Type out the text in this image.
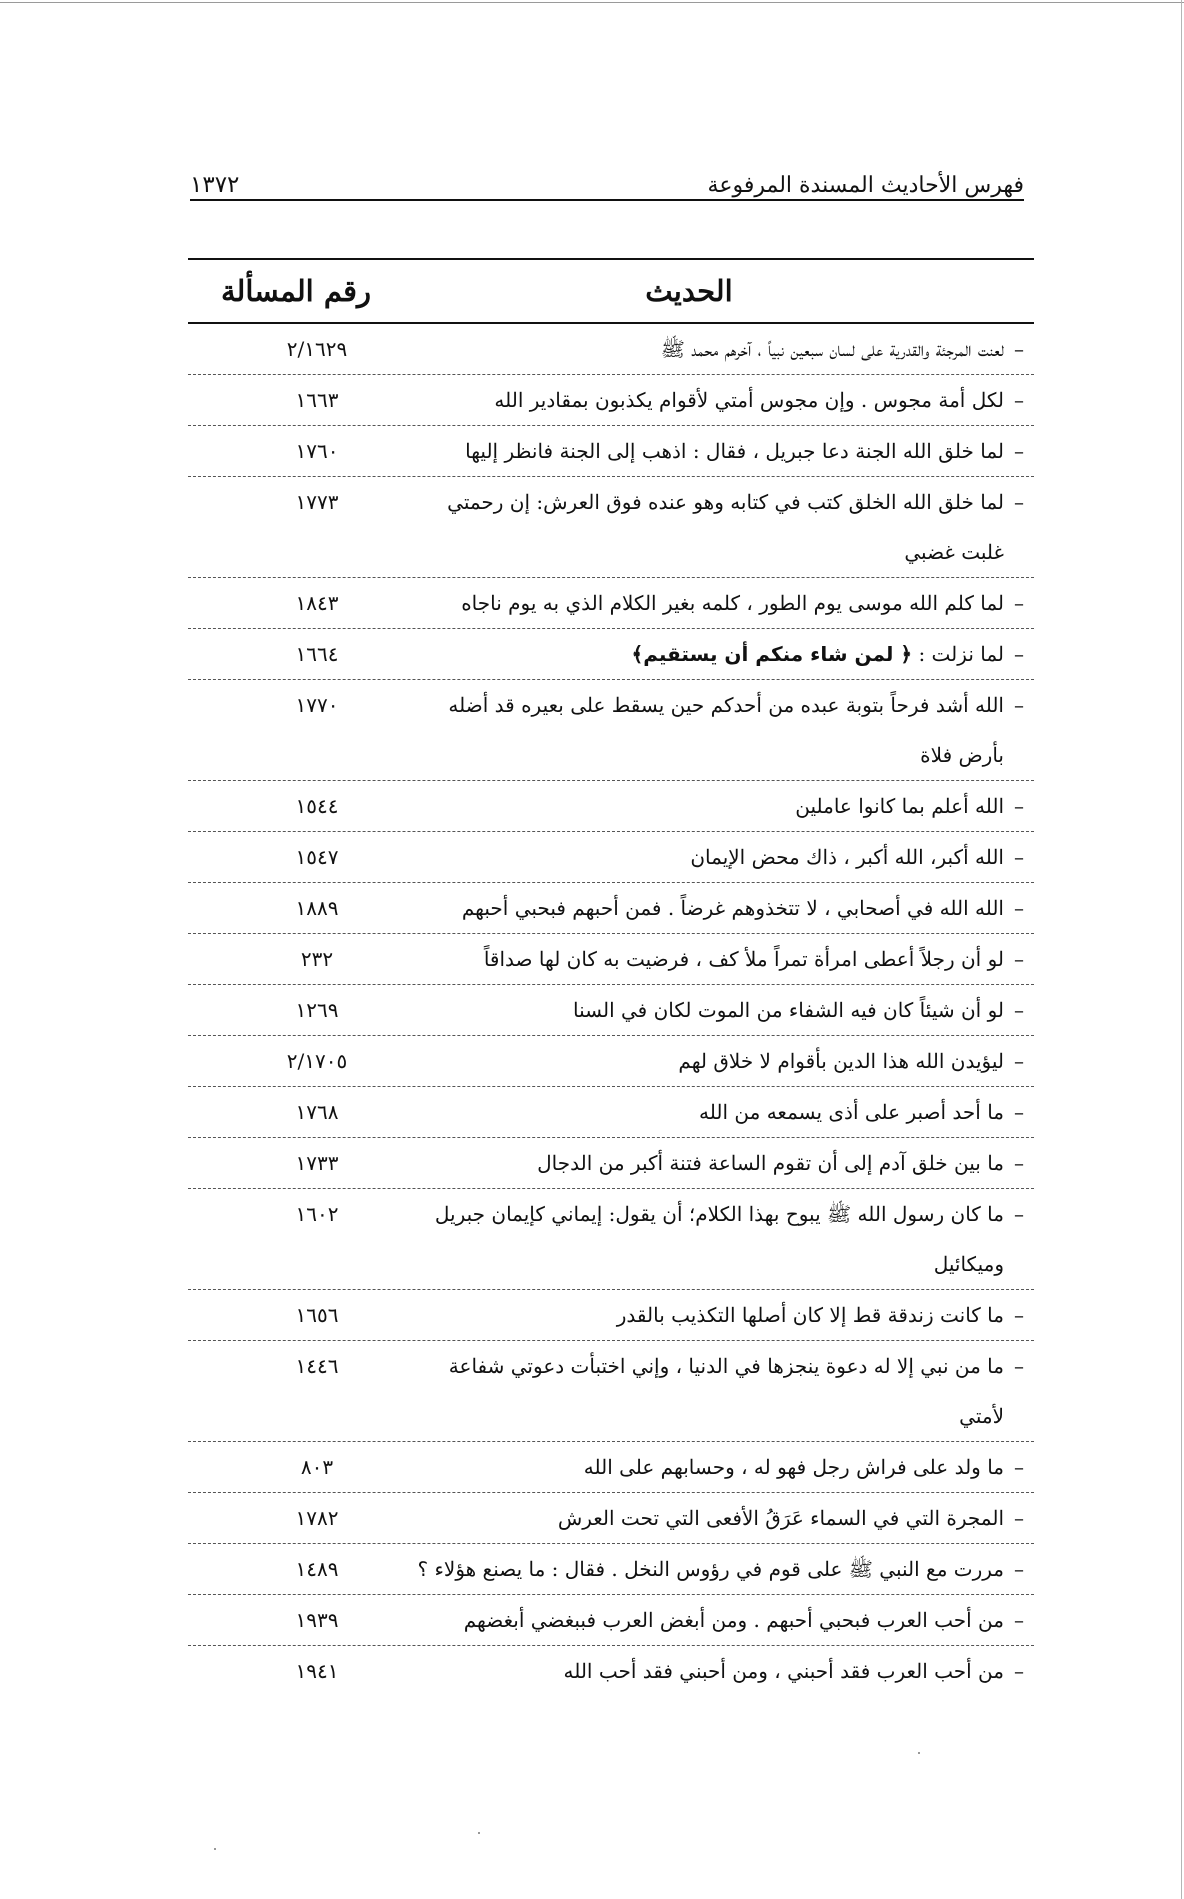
فهرس الأحاديث المسندة المرفوعة
١٣٧٢
الحديث
رقم المسألة
–
لعنت المرجئة والقدرية على لسان سبعين نبياً ، آخرهم محمد ﷺ
٢/١٦٢٩
–
لكل أمة مجوس . وإن مجوس أمتي لأقوام يكذبون بمقادير الله
١٦٦٣
–
لما خلق الله الجنة دعا جبريل ، فقال : اذهب إلى الجنة فانظر إليها
١٧٦٠
–
لما خلق الله الخلق كتب في كتابه وهو عنده فوق العرش: إن رحمتي غلبت غضبي
١٧٧٣
–
لما كلم الله موسى يوم الطور ، كلمه بغير الكلام الذي به يوم ناجاه
١٨٤٣
–
لما نزلت : ﴿ لمن شاء منكم أن يستقيم﴾
١٦٦٤
–
الله أشد فرحاً بتوبة عبده من أحدكم حين يسقط على بعيره قد أضله بأرض فلاة
١٧٧٠
–
الله أعلم بما كانوا عاملين
١٥٤٤
–
الله أكبر، الله أكبر ، ذاك محض الإيمان
١٥٤٧
–
الله الله في أصحابي ، لا تتخذوهم غرضاً . فمن أحبهم فبحبي أحبهم
١٨٨٩
–
لو أن رجلاً أعطى امرأة تمراً ملأ كف ، فرضيت به كان لها صداقاً
٢٣٢
–
لو أن شيئاً كان فيه الشفاء من الموت لكان في السنا
١٢٦٩
–
ليؤيدن الله هذا الدين بأقوام لا خلاق لهم
٢/١٧٠٥
–
ما أحد أصبر على أذى يسمعه من الله
١٧٦٨
–
ما بين خلق آدم إلى أن تقوم الساعة فتنة أكبر من الدجال
١٧٣٣
–
ما كان رسول الله ﷺ يبوح بهذا الكلام؛ أن يقول: إيماني كإيمان جبريل وميكائيل
١٦٠٢
–
ما كانت زندقة قط إلا كان أصلها التكذيب بالقدر
١٦٥٦
–
ما من نبي إلا له دعوة ينجزها في الدنيا ، وإني اختبأت دعوتي شفاعة لأمتي
١٤٤٦
–
ما ولد على فراش رجل فهو له ، وحسابهم على الله
٨٠٣
–
المجرة التي في السماء عَرَقُ الأفعى التي تحت العرش
١٧٨٢
–
مررت مع النبي ﷺ على قوم في رؤوس النخل . فقال : ما يصنع هؤلاء ؟
١٤٨٩
–
من أحب العرب فبحبي أحبهم . ومن أبغض العرب فببغضي أبغضهم
١٩٣٩
–
من أحب العرب فقد أحبني ، ومن أحبني فقد أحب الله
١٩٤١
